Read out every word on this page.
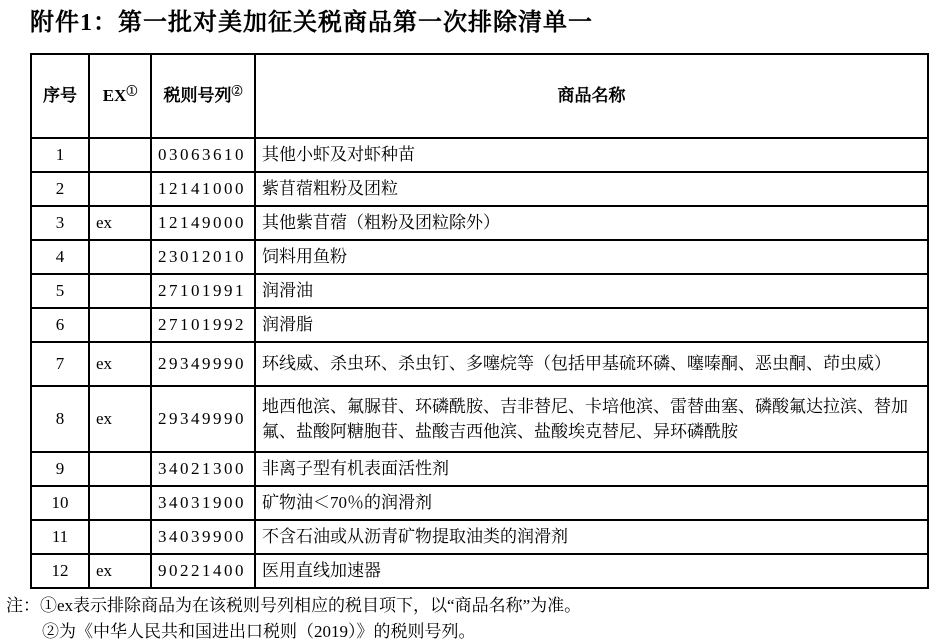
附件1：第一批对美加征关税商品第一次排除清单一
序号	EX①	税则号列②	商品名称
1		03063610	其他小虾及对虾种苗
2		12141000	紫苜蓿粗粉及团粒
3	ex	12149000	其他紫苜蓿（粗粉及团粒除外）
4		23012010	饲料用鱼粉
5		27101991	润滑油
6		27101992	润滑脂
7	ex	29349990	环线威、杀虫环、杀虫钉、多噻烷等（包括甲基硫环磷、噻嗪酮、恶虫酮、茚虫威）
8	ex	29349990	地西他滨、氟脲苷、环磷酰胺、吉非替尼、卡培他滨、雷替曲塞、磷酸氟达拉滨、替加氟、盐酸阿糖胞苷、盐酸吉西他滨、盐酸埃克替尼、异环磷酰胺
9		34021300	非离子型有机表面活性剂
10		34031900	矿物油＜70％的润滑剂
11		34039900	不含石油或从沥青矿物提取油类的润滑剂
12	ex	90221400	医用直线加速器
注：①ex表示排除商品为在该税则号列相应的税目项下，以“商品名称”为准。
②为《中华人民共和国进出口税则（2019）》的税则号列。
